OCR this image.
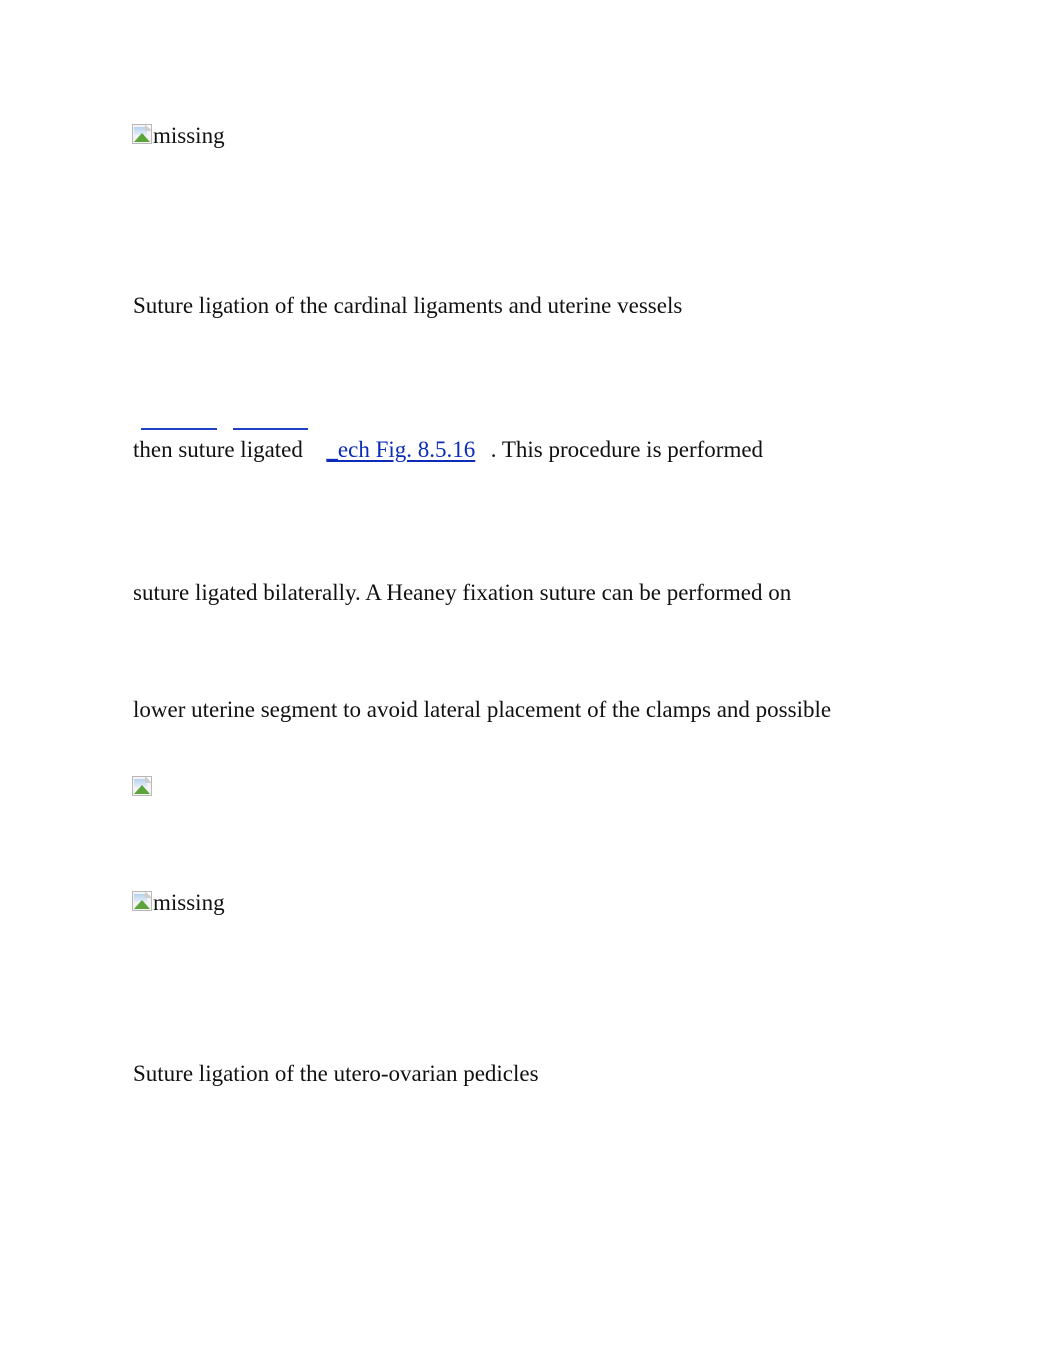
missing
Suture ligation of the cardinal ligaments and uterine vessels
then suture ligated _ech Fig. 8.5.16 . This procedure is performed
suture ligated bilaterally. A Heaney fixation suture can be performed on
lower uterine segment to avoid lateral placement of the clamps and possible
missing
Suture ligation of the utero-ovarian pedicles
